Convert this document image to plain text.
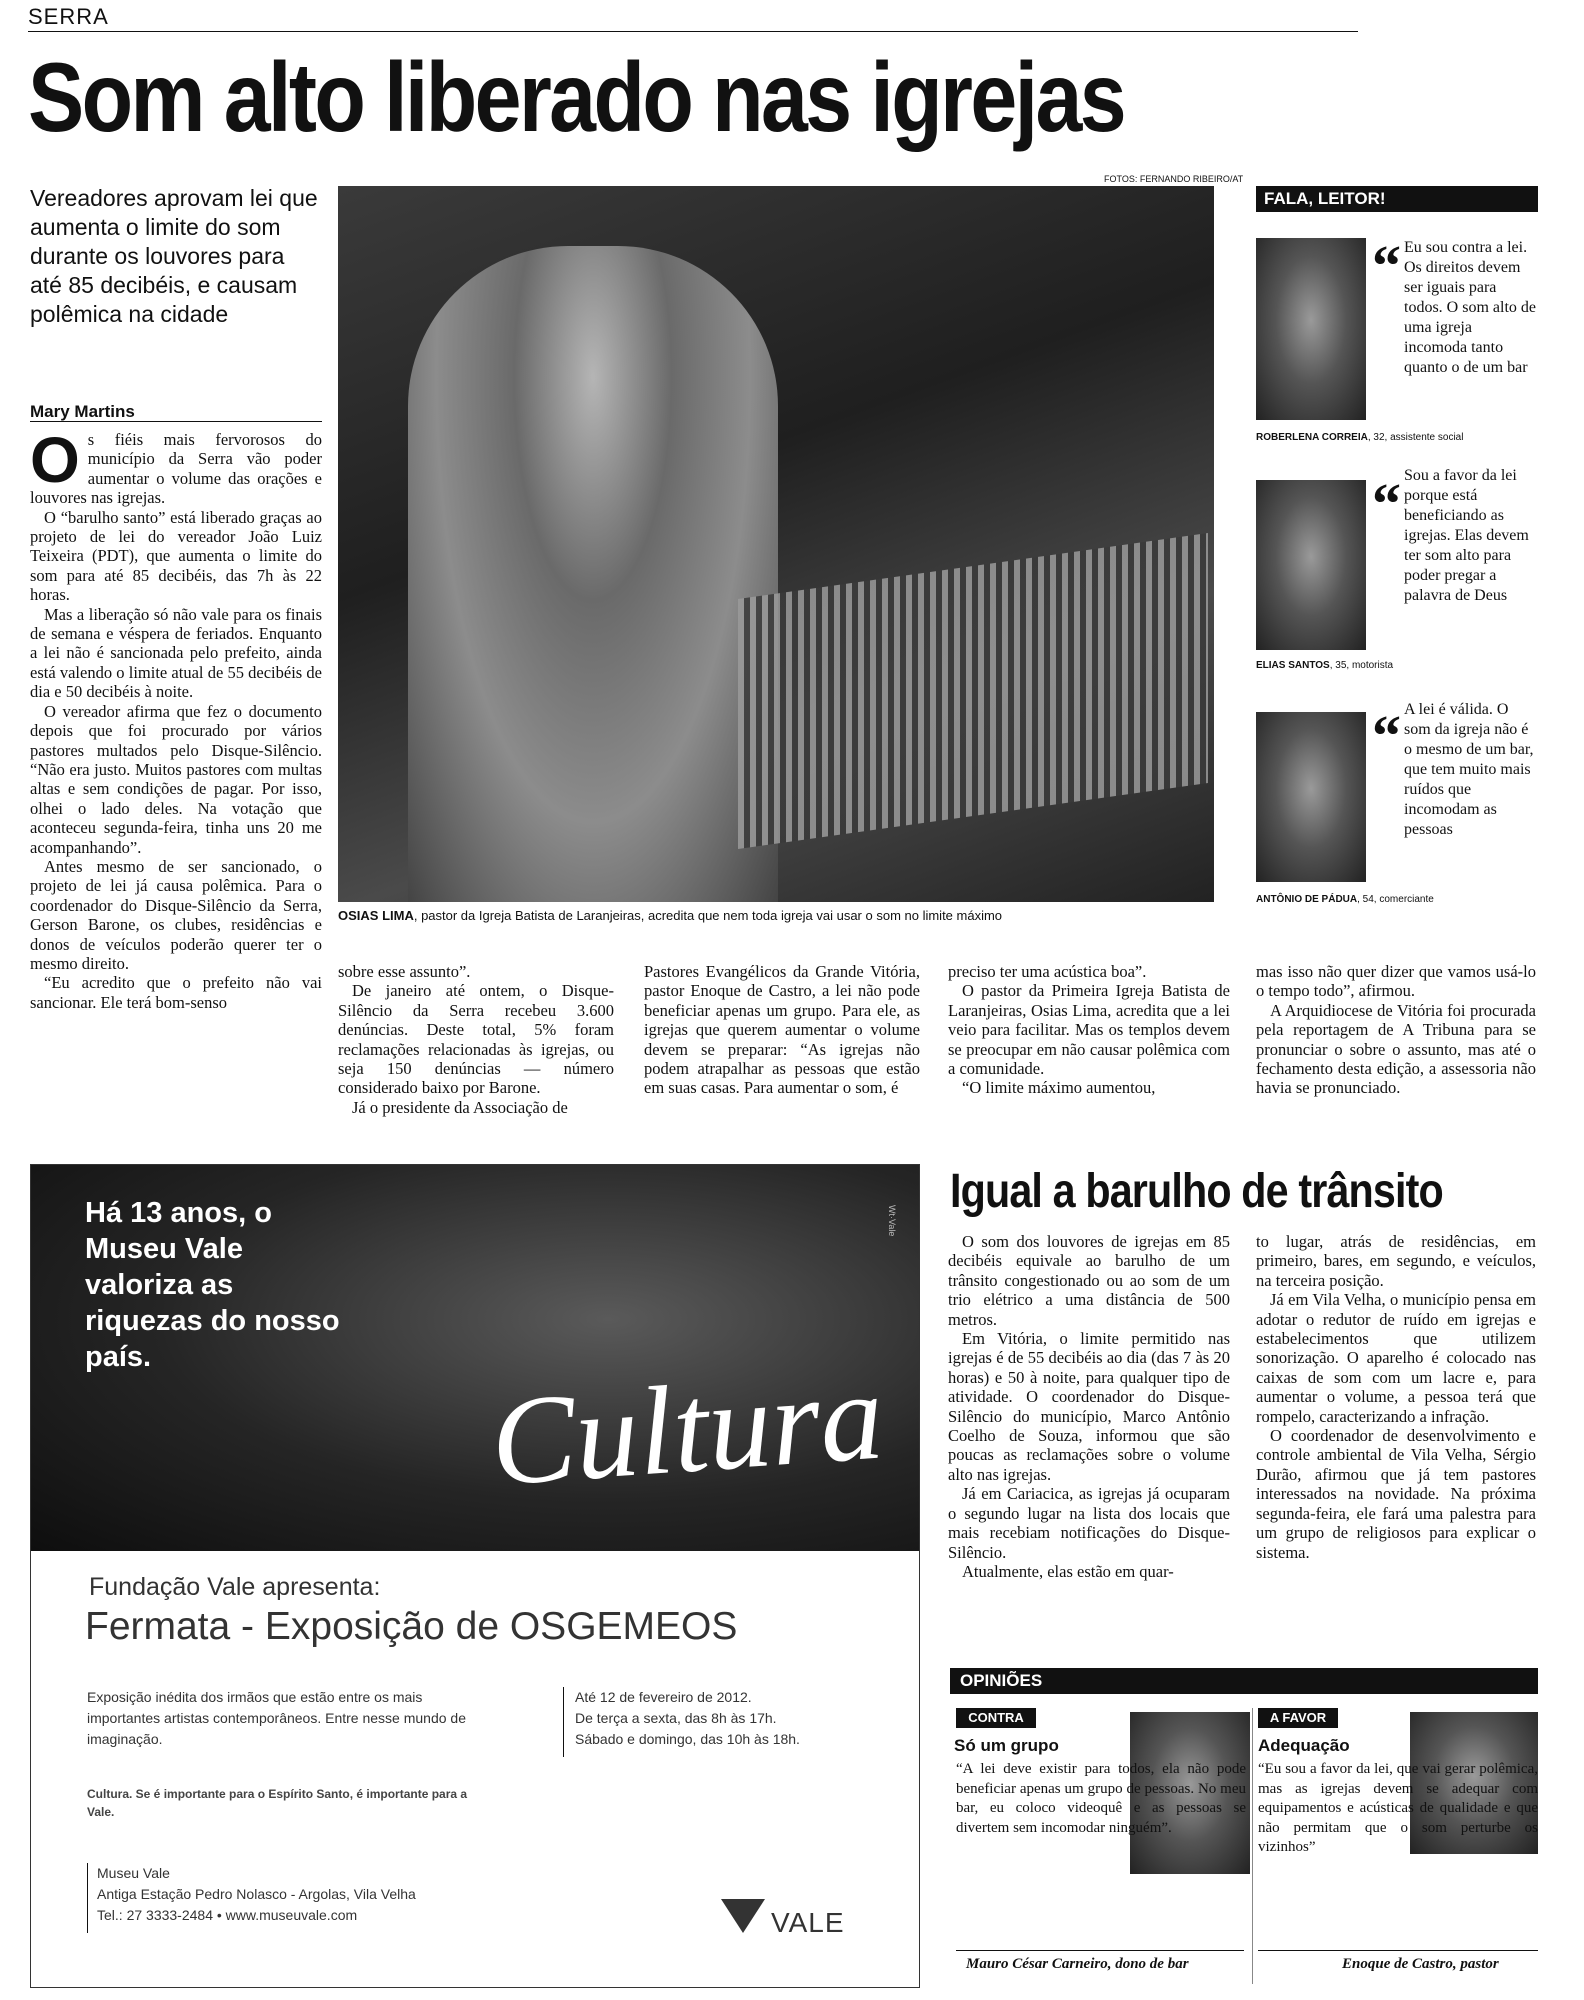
SERRA
Som alto liberado nas igrejas
FOTOS: FERNANDO RIBEIRO/AT
Vereadores aprovam lei que aumenta o limite do som durante os louvores para até 85 decibéis, e causam polêmica na cidade
Mary Martins
OSIAS LIMA, pastor da Igreja Batista de Laranjeiras, acredita que nem toda igreja vai usar o som no limite máximo
O s fiéis mais fervorosos do município da Serra vão poder aumentar o volume das orações e louvores nas igrejas.

O “barulho santo” está liberado graças ao projeto de lei do vereador João Luiz Teixeira (PDT), que aumenta o limite do som para até 85 decibéis, das 7h às 22 horas.

Mas a liberação só não vale para os finais de semana e véspera de feriados. Enquanto a lei não é sancionada pelo prefeito, ainda está valendo o limite atual de 55 decibéis de dia e 50 decibéis à noite.

O vereador afirma que fez o documento depois que foi procurado por vários pastores multados pelo Disque-Silêncio. “Não era justo. Muitos pastores com multas altas e sem condições de pagar. Por isso, olhei o lado deles. Na votação que aconteceu segunda-feira, tinha uns 20 me acompanhando”.

Antes mesmo de ser sancionado, o projeto de lei já causa polêmica. Para o coordenador do Disque-Silêncio da Serra, Gerson Barone, os clubes, residências e donos de veículos poderão querer ter o mesmo direito.

“Eu acredito que o prefeito não vai sancionar. Ele terá bom-senso

sobre esse assunto”.

De janeiro até ontem, o Disque-Silêncio da Serra recebeu 3.600 denúncias. Deste total, 5% foram reclamações relacionadas às igrejas, ou seja 150 denúncias — número considerado baixo por Barone.

Já o presidente da Associação de

Pastores Evangélicos da Grande Vitória, pastor Enoque de Castro, a lei não pode beneficiar apenas um grupo. Para ele, as igrejas que querem aumentar o volume devem se preparar: “As igrejas não podem atrapalhar as pessoas que estão em suas casas. Para aumentar o som, é

preciso ter uma acústica boa”.

O pastor da Primeira Igreja Batista de Laranjeiras, Osias Lima, acredita que a lei veio para facilitar. Mas os templos devem se preocupar em não causar polêmica com a comunidade.

“O limite máximo aumentou,

mas isso não quer dizer que vamos usá-lo o tempo todo”, afirmou.

A Arquidiocese de Vitória foi procurada pela reportagem de A Tribuna para se pronunciar o sobre o assunto, mas até o fechamento desta edição, a assessoria não havia se pronunciado.

FALA, LEITOR!
“ Eu sou contra a lei. Os direitos devem ser iguais para todos. O som alto de uma igreja incomoda tanto quanto o de um bar
ROBERLENA CORREIA, 32, assistente social
“ Sou a favor da lei porque está beneficiando as igrejas. Elas devem ter som alto para poder pregar a palavra de Deus
ELIAS SANTOS, 35, motorista
“ A lei é válida. O som da igreja não é o mesmo de um bar, que tem muito mais ruídos que incomodam as pessoas
ANTÔNIO DE PÁDUA, 54, comerciante
Há 13 anos, o Museu Vale valoriza as riquezas do nosso país.	Cultura
Wt·Vale
Fundação Vale apresenta:
Fermata - Exposição de OSGEMEOS
Exposição inédita dos irmãos que estão entre os mais importantes artistas contemporâneos. Entre nesse mundo de imaginação.
Até 12 de fevereiro de 2012.
De terça a sexta, das 8h às 17h.
Sábado e domingo, das 10h às 18h.
Cultura. Se é importante para o Espírito Santo, é importante para a Vale.
Museu Vale
Antiga Estação Pedro Nolasco - Argolas, Vila Velha
Tel.: 27 3333-2484 • www.museuvale.com	VALE
Igual a barulho de trânsito

O som dos louvores de igrejas em 85 decibéis equivale ao barulho de um trânsito congestionado ou ao som de um trio elétrico a uma distância de 500 metros.

Em Vitória, o limite permitido nas igrejas é de 55 decibéis ao dia (das 7 às 20 horas) e 50 à noite, para qualquer tipo de atividade. O coordenador do Disque-Silêncio do município, Marco Antônio Coelho de Souza, informou que são poucas as reclamações sobre o volume alto nas igrejas.

Já em Cariacica, as igrejas já ocuparam o segundo lugar na lista dos locais que mais recebiam notificações do Disque-Silêncio.

Atualmente, elas estão em quar-

to lugar, atrás de residências, em primeiro, bares, em segundo, e veículos, na terceira posição.

Já em Vila Velha, o município pensa em adotar o redutor de ruído em igrejas e estabelecimentos que utilizem sonorização. O aparelho é colocado nas caixas de som com um lacre e, para aumentar o volume, a pessoa terá que rompelo, caracterizando a infração.

O coordenador de desenvolvimento e controle ambiental de Vila Velha, Sérgio Durão, afirmou que já tem pastores interessados na novidade. Na próxima segunda-feira, ele fará uma palestra para um grupo de religiosos para explicar o sistema.

OPINIÕES
CONTRA
Só um grupo
“A lei deve existir para todos, ela não pode beneficiar apenas um grupo de pessoas. No meu bar, eu coloco videoquê e as pessoas se divertem sem incomodar ninguém”.
Mauro César Carneiro, dono de bar
A FAVOR
Adequação
“Eu sou a favor da lei, que vai gerar polêmica, mas as igrejas devem se adequar com equipamentos e acústicas de qualidade e que não permitam que o som perturbe os vizinhos”
Enoque de Castro, pastor
